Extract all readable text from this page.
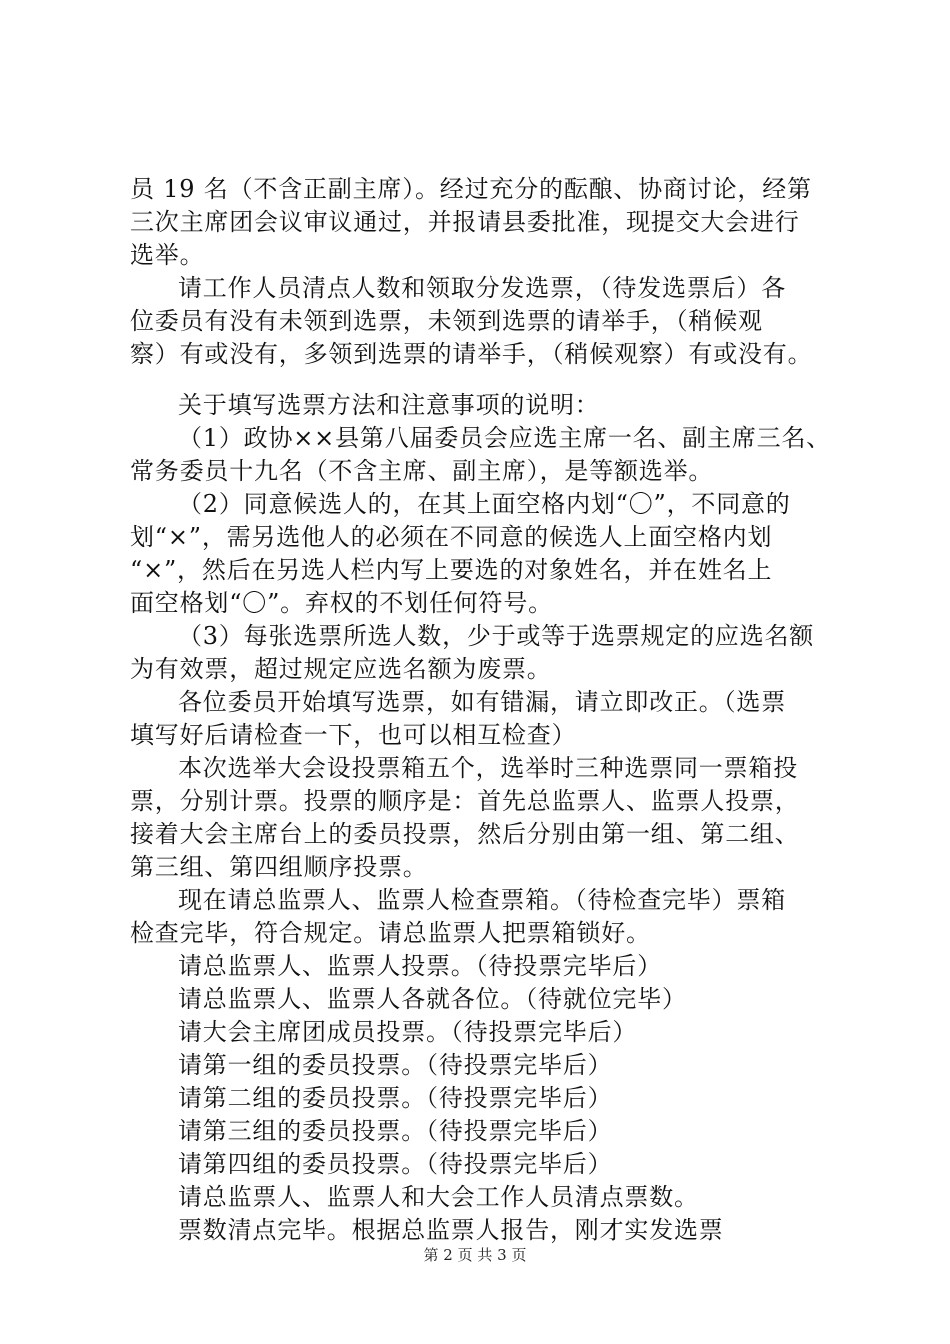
员 19 名（不含正副主席）。经过充分的酝酿、协商讨论，经第
三次主席团会议审议通过，并报请县委批准，现提交大会进行
选举。
请工作人员清点人数和领取分发选票，（待发选票后）各
位委员有没有未领到选票，未领到选票的请举手，（稍候观
察）有或没有，多领到选票的请举手，（稍候观察）有或没有。
关于填写选票方法和注意事项的说明：
（1）政协××县第八届委员会应选主席一名、副主席三名、
常务委员十九名（不含主席、副主席），是等额选举。
（2）同意候选人的，在其上面空格内划“〇”，不同意的
划“×”，需另选他人的必须在不同意的候选人上面空格内划
“×”，然后在另选人栏内写上要选的对象姓名，并在姓名上
面空格划“〇”。弃权的不划任何符号。
（3）每张选票所选人数，少于或等于选票规定的应选名额
为有效票，超过规定应选名额为废票。
各位委员开始填写选票，如有错漏，请立即改正。（选票
填写好后请检查一下，也可以相互检查）
本次选举大会设投票箱五个，选举时三种选票同一票箱投
票，分别计票。投票的顺序是：首先总监票人、监票人投票，
接着大会主席台上的委员投票，然后分别由第一组、第二组、
第三组、第四组顺序投票。
现在请总监票人、监票人检查票箱。（待检查完毕）票箱
检查完毕，符合规定。请总监票人把票箱锁好。
请总监票人、监票人投票。（待投票完毕后）
请总监票人、监票人各就各位。（待就位完毕）
请大会主席团成员投票。（待投票完毕后）
请第一组的委员投票。（待投票完毕后）
请第二组的委员投票。（待投票完毕后）
请第三组的委员投票。（待投票完毕后）
请第四组的委员投票。（待投票完毕后）
请总监票人、监票人和大会工作人员清点票数。
票数清点完毕。根据总监票人报告，刚才实发选票
第 2 页 共 3 页
